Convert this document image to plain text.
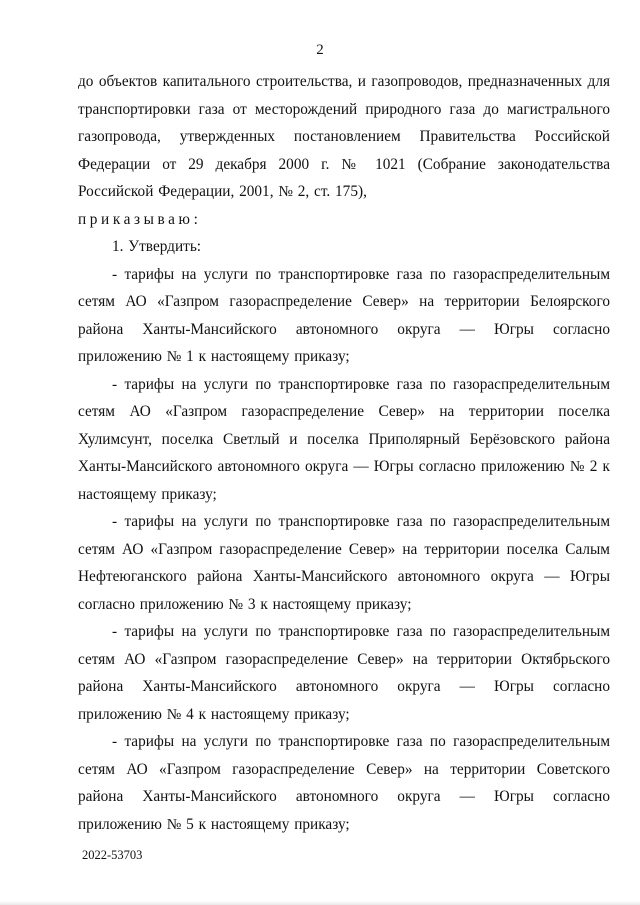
2

до объектов капитального строительства, и газопроводов, предназначенных для транспортировки газа от месторождений природного газа до магистрального газопровода, утвержденных постановлением Правительства Российской Федерации от 29 декабря 2000 г. № 1021 (Собрание законодательства Российской Федерации, 2001, № 2, ст. 175),

приказываю:

1. Утвердить:

- тарифы на услуги по транспортировке газа по газораспределительным сетям АО «Газпром газораспределение Север» на территории Белоярского района Ханты-Мансийского автономного округа — Югры согласно приложению № 1 к настоящему приказу;

- тарифы на услуги по транспортировке газа по газораспределительным сетям АО «Газпром газораспределение Север» на территории поселка Хулимсунт, поселка Светлый и поселка Приполярный Берёзовского района Ханты-Мансийского автономного округа — Югры согласно приложению № 2 к настоящему приказу;

- тарифы на услуги по транспортировке газа по газораспределительным сетям АО «Газпром газораспределение Север» на территории поселка Салым Нефтеюганского района Ханты-Мансийского автономного округа — Югры согласно приложению № 3 к настоящему приказу;

- тарифы на услуги по транспортировке газа по газораспределительным сетям АО «Газпром газораспределение Север» на территории Октябрьского района Ханты-Мансийского автономного округа — Югры согласно приложению № 4 к настоящему приказу;

- тарифы на услуги по транспортировке газа по газораспределительным сетям АО «Газпром газораспределение Север» на территории Советского района Ханты-Мансийского автономного округа — Югры согласно приложению № 5 к настоящему приказу;

2022-53703
